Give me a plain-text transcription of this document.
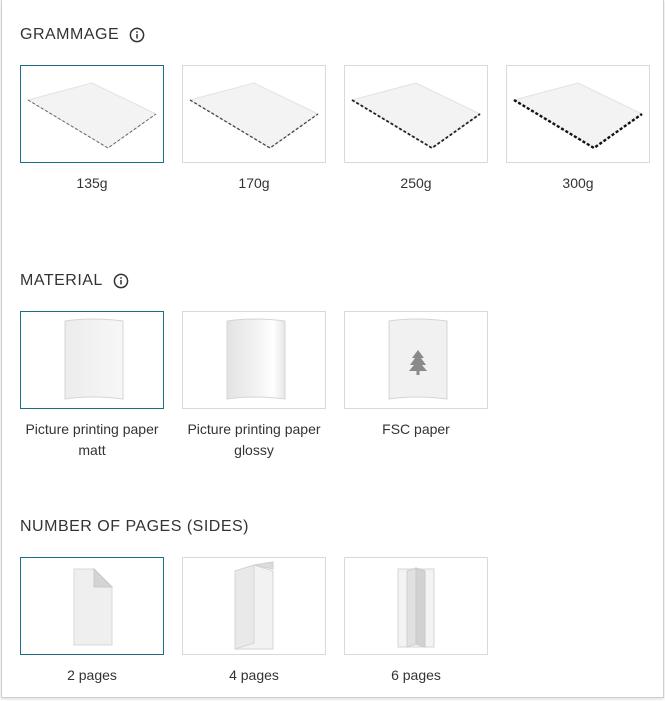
GRAMMAGE
135g	170g	250g	300g
MATERIAL
Picture printing paper matt
Picture printing paper glossy
FSC paper
NUMBER OF PAGES (SIDES)
2 pages	4 pages	6 pages
